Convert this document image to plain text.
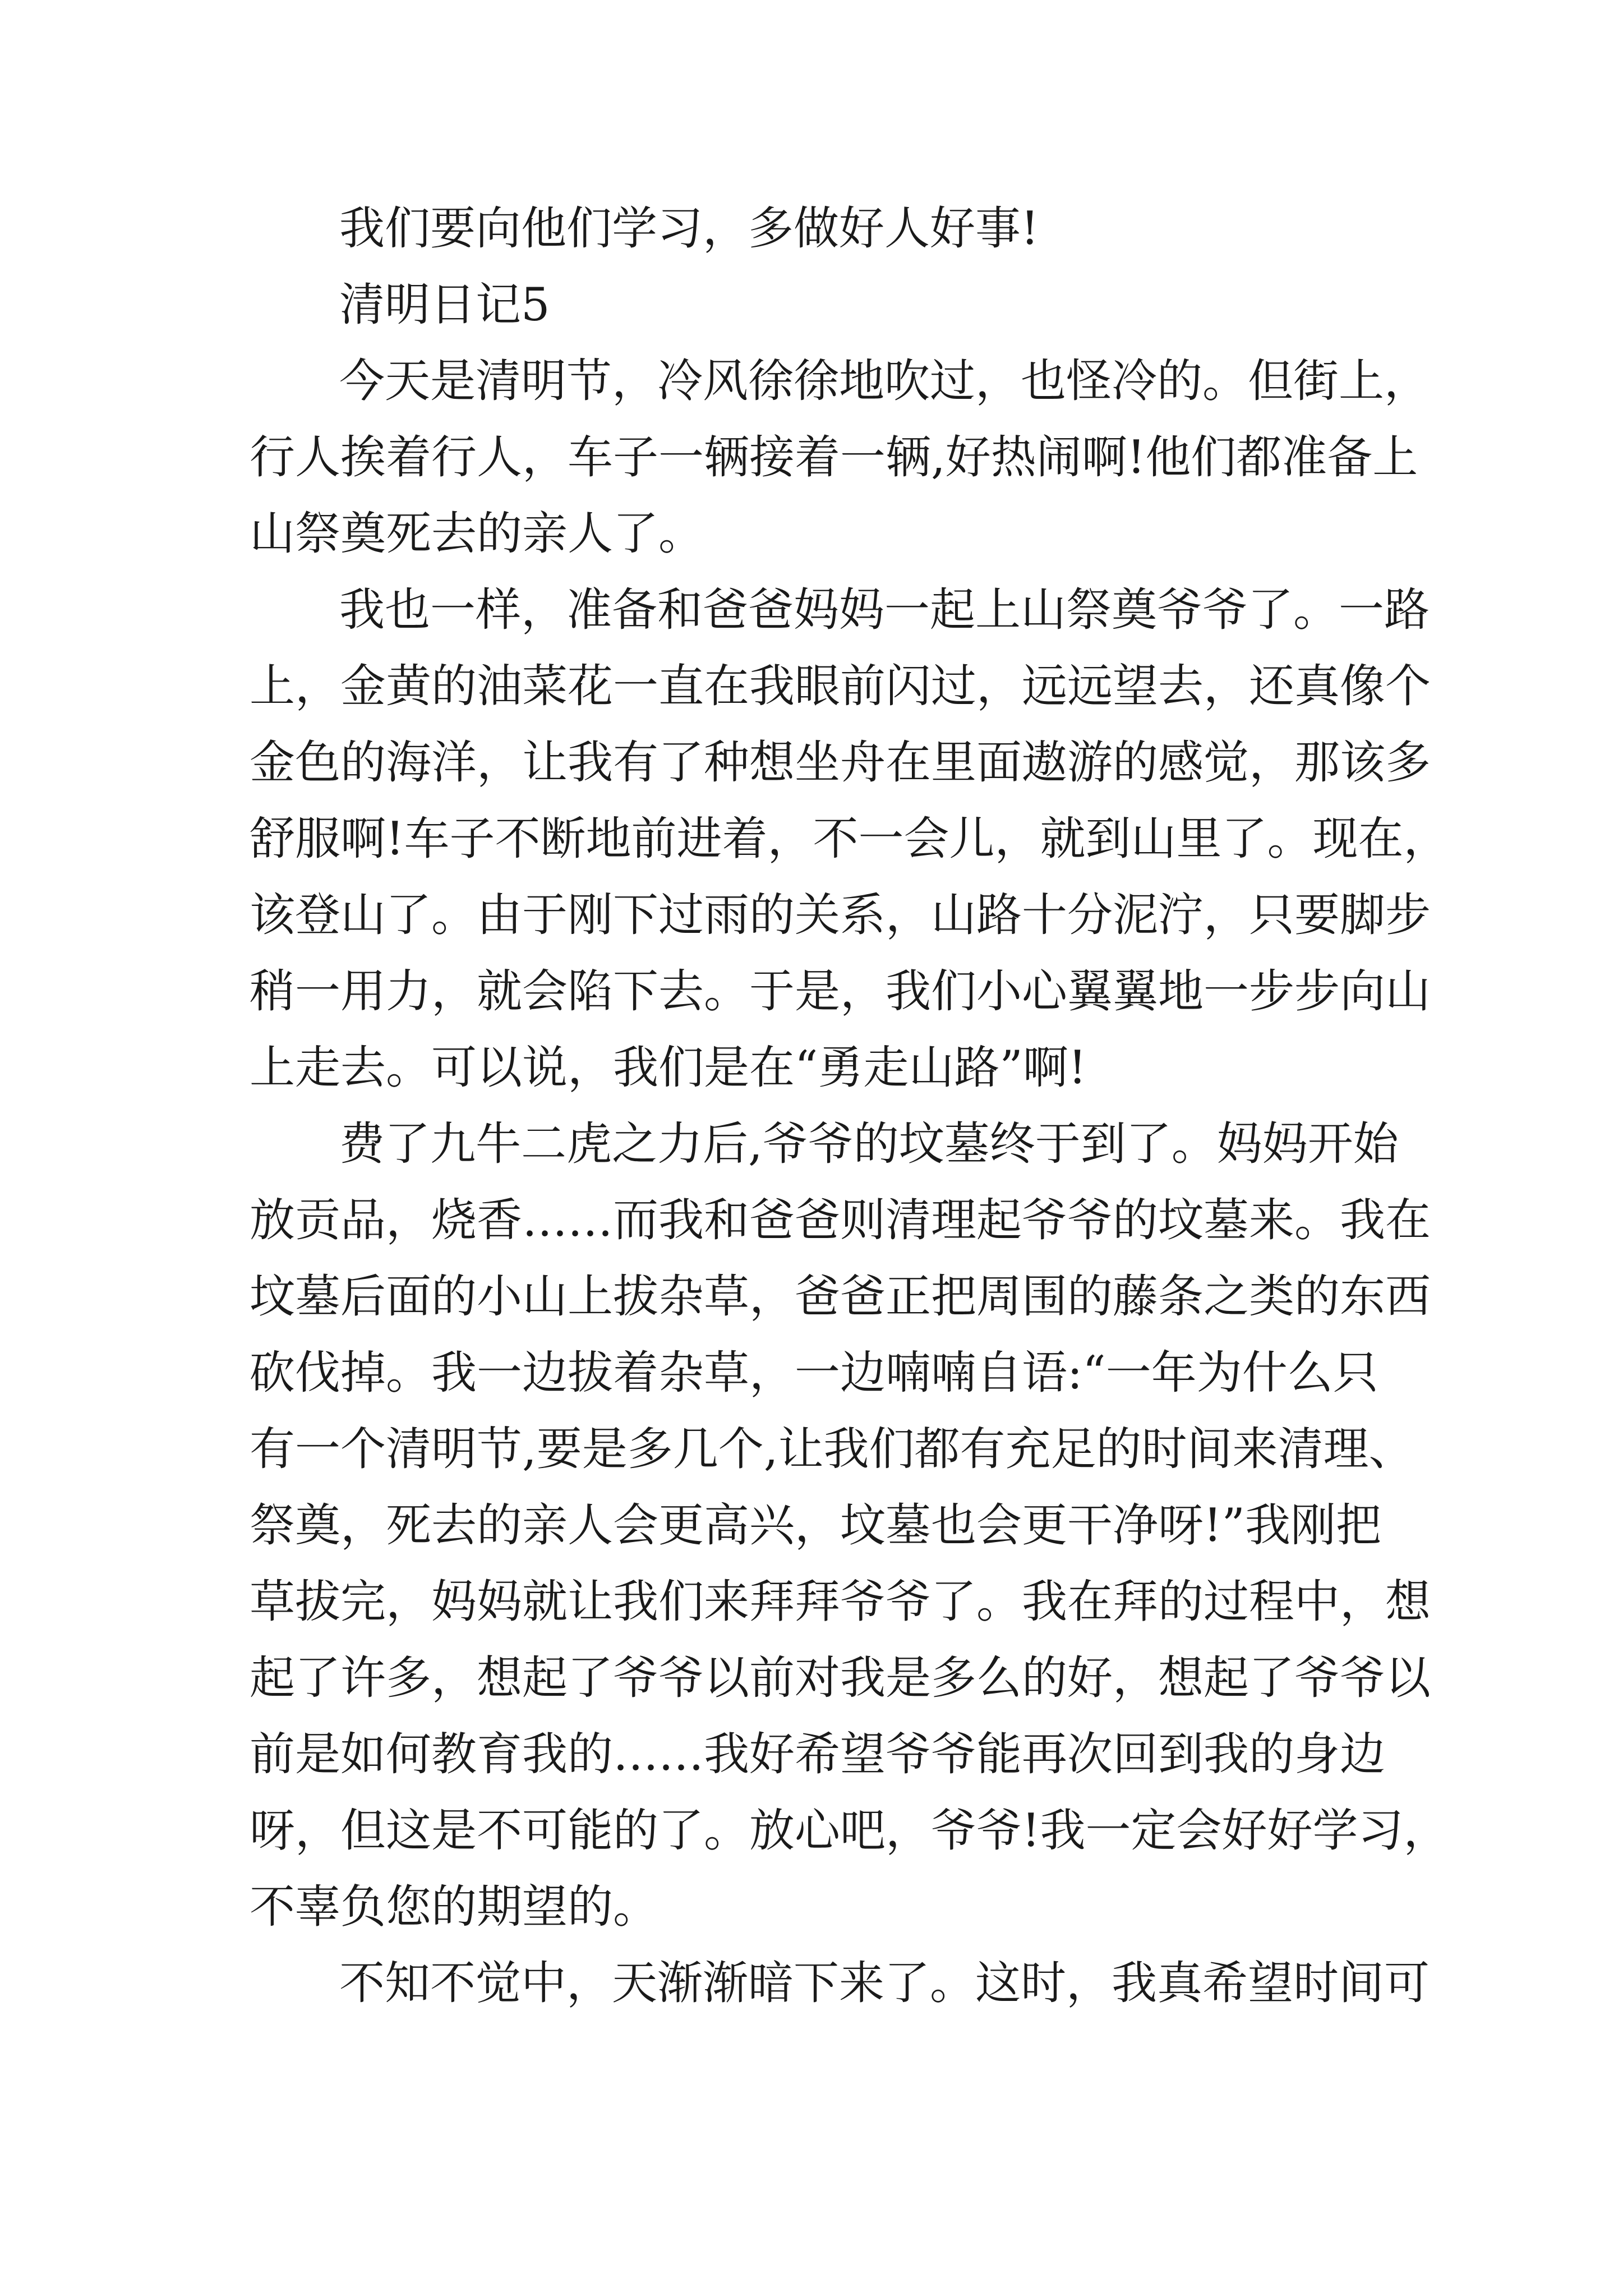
我们要向他们学习，多做好人好事!
清明日记5
今天是清明节，冷风徐徐地吹过，也怪冷的。但街上，
行人挨着行人，车子一辆接着一辆,好热闹啊!他们都准备上
山祭奠死去的亲人了。
我也一样，准备和爸爸妈妈一起上山祭奠爷爷了。一路
上，金黄的油菜花一直在我眼前闪过，远远望去，还真像个
金色的海洋，让我有了种想坐舟在里面遨游的感觉，那该多
舒服啊!车子不断地前进着，不一会儿，就到山里了。现在，
该登山了。由于刚下过雨的关系，山路十分泥泞，只要脚步
稍一用力，就会陷下去。于是，我们小心翼翼地一步步向山
上走去。可以说，我们是在“勇走山路”啊!
费了九牛二虎之力后,爷爷的坟墓终于到了。妈妈开始
放贡品，烧香……而我和爸爸则清理起爷爷的坟墓来。我在
坟墓后面的小山上拔杂草，爸爸正把周围的藤条之类的东西
砍伐掉。我一边拔着杂草，一边喃喃自语:“一年为什么只
有一个清明节,要是多几个,让我们都有充足的时间来清理、
祭奠，死去的亲人会更高兴，坟墓也会更干净呀!”我刚把
草拔完，妈妈就让我们来拜拜爷爷了。我在拜的过程中，想
起了许多，想起了爷爷以前对我是多么的好，想起了爷爷以
前是如何教育我的……我好希望爷爷能再次回到我的身边
呀，但这是不可能的了。放心吧，爷爷!我一定会好好学习，
不辜负您的期望的。
不知不觉中，天渐渐暗下来了。这时，我真希望时间可
